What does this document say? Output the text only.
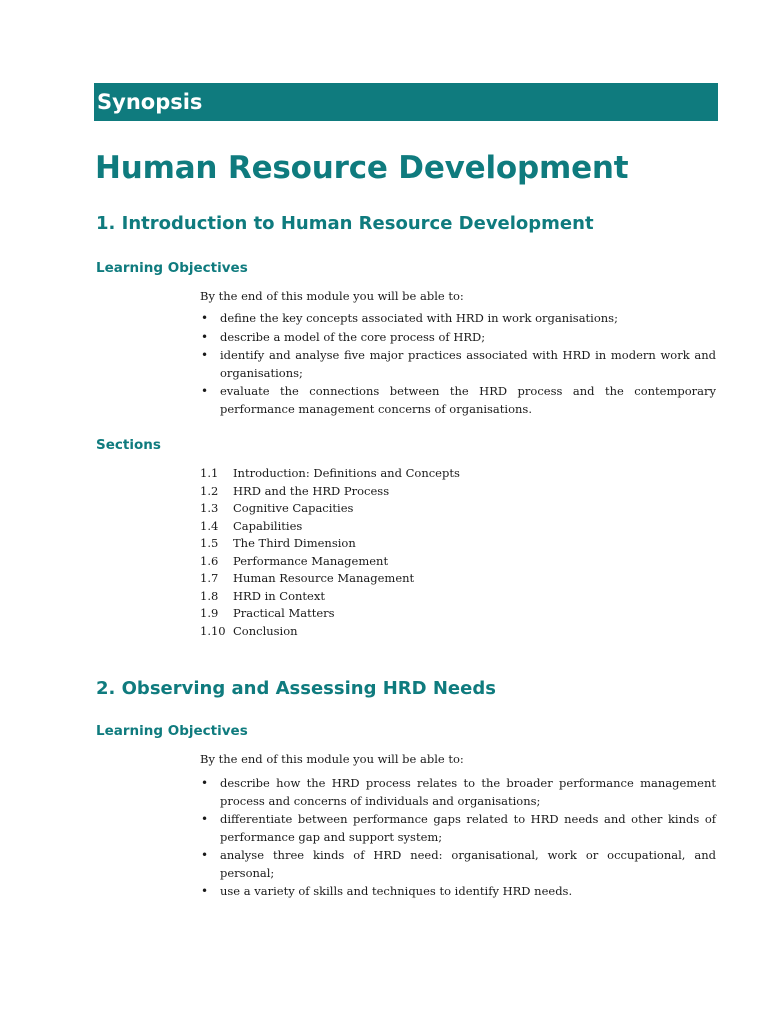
Synopsis
Human Resource Development
1. Introduction to Human Resource Development
Learning Objectives

By the end of this module you will be able to:

• define the key concepts associated with HRD in work organisations;
• describe a model of the core process of HRD;
• identify and analyse five major practices associated with HRD in modern work and organisations;
• evaluate the connections between the HRD process and the contemporary performance management concerns of organisations.
Sections
1.1	Introduction: Definitions and Concepts
1.2	HRD and the HRD Process
1.3	Cognitive Capacities
1.4	Capabilities
1.5	The Third Dimension
1.6	Performance Management
1.7	Human Resource Management
1.8	HRD in Context
1.9	Practical Matters
1.10 Conclusion
2. Observing and Assessing HRD Needs
Learning Objectives

By the end of this module you will be able to:

• describe how the HRD process relates to the broader performance management process and concerns of individuals and organisations;
• differentiate between performance gaps related to HRD needs and other kinds of performance gap and support system;
• analyse three kinds of HRD need: organisational, work or occupational, and personal;
• use a variety of skills and techniques to identify HRD needs.
